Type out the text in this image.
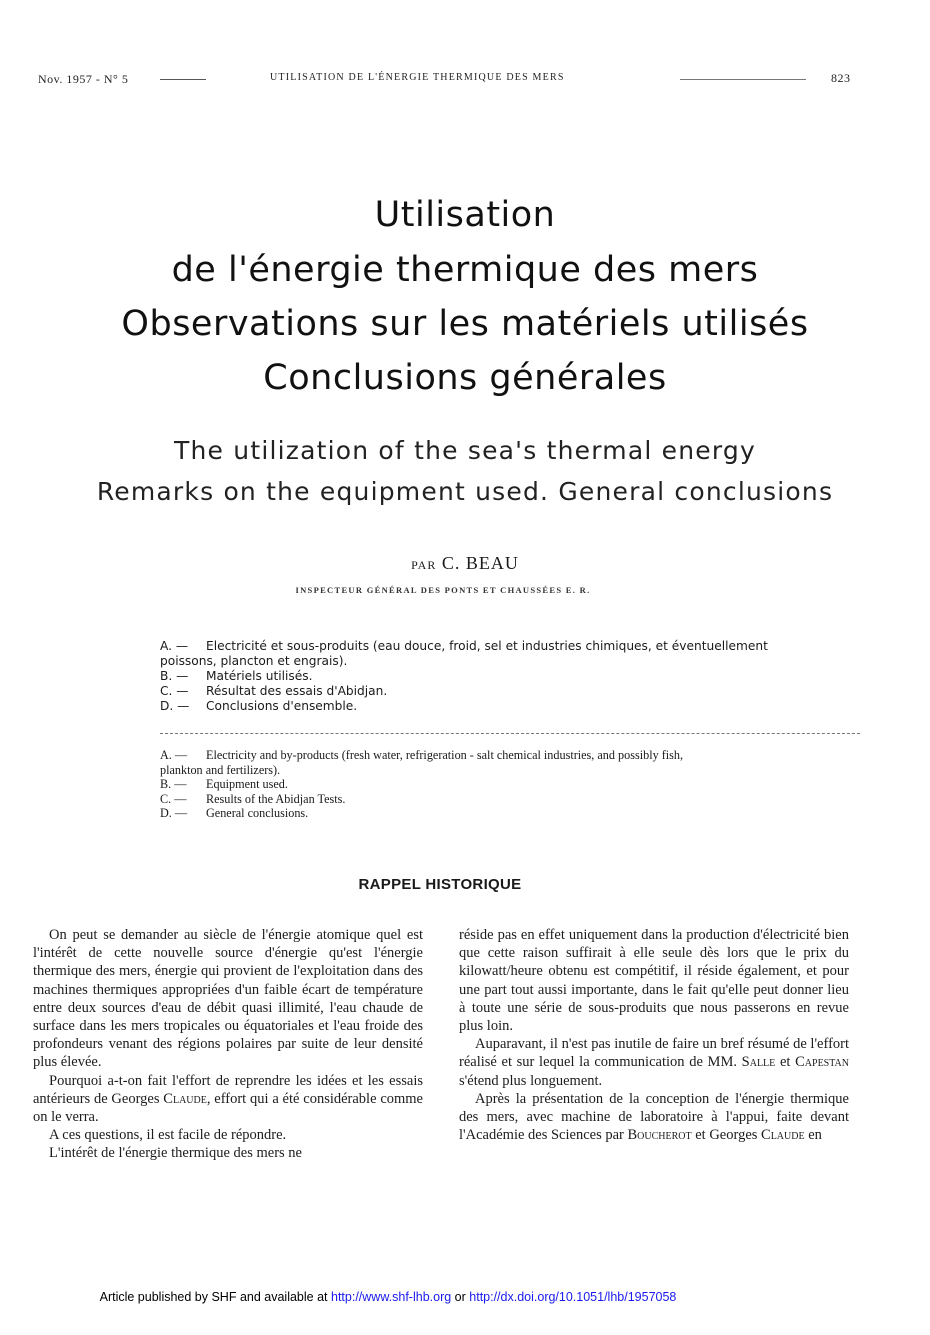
Nov. 1957 - N° 5	UTILISATION DE L'ÉNERGIE THERMIQUE DES MERS	823
Utilisation
de l'énergie thermique des mers
Observations sur les matériels utilisés
Conclusions générales
The utilization of the sea's thermal energy
Remarks on the equipment used. General conclusions
PAR C. BEAU
INSPECTEUR GÉNÉRAL DES PONTS ET CHAUSSÉES E. R.
A. —	Electricité et sous-produits (eau douce, froid, sel et industries chimiques, et éventuellement
poissons, plancton et engrais).
B. —	Matériels utilisés.
C. —	Résultat des essais d'Abidjan.
D. —	Conclusions d'ensemble.
A. —	Electricity and by-products (fresh water, refrigeration - salt chemical industries, and possibly fish,
plankton and fertilizers).
B. —	Equipment used.
C. —	Results of the Abidjan Tests.
D. —	General conclusions.
RAPPEL HISTORIQUE

On peut se demander au siècle de l'énergie atomique quel est l'intérêt de cette nouvelle source d'énergie qu'est l'énergie thermique des mers, énergie qui provient de l'exploitation dans des machines thermiques appropriées d'un faible écart de température entre deux sources d'eau de débit quasi illimité, l'eau chaude de surface dans les mers tropicales ou équatoriales et l'eau froide des profondeurs venant des régions polaires par suite de leur densité plus élevée.

Pourquoi a-t-on fait l'effort de reprendre les idées et les essais antérieurs de Georges Claude, effort qui a été considérable comme on le verra.

A ces questions, il est facile de répondre.

L'intérêt de l'énergie thermique des mers ne

réside pas en effet uniquement dans la production d'électricité bien que cette raison suffirait à elle seule dès lors que le prix du kilowatt/heure obtenu est compétitif, il réside également, et pour une part tout aussi importante, dans le fait qu'elle peut donner lieu à toute une série de sous-produits que nous passerons en revue plus loin.

Auparavant, il n'est pas inutile de faire un bref résumé de l'effort réalisé et sur lequel la communication de MM. Salle et Capestan s'étend plus longuement.

Après la présentation de la conception de l'énergie thermique des mers, avec machine de laboratoire à l'appui, faite devant l'Académie des Sciences par Boucherot et Georges Claude en

Article published by SHF and available at http://www.shf-lhb.org or http://dx.doi.org/10.1051/lhb/1957058
